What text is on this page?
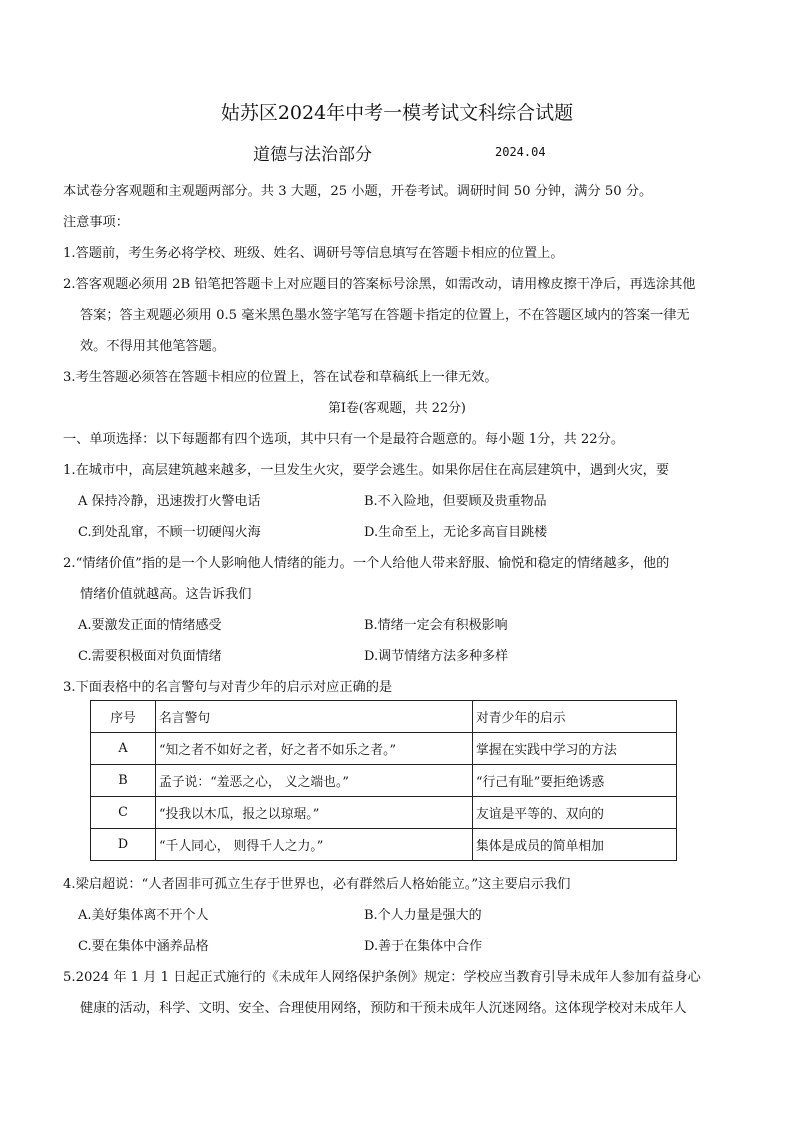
姑苏区2024年中考一模考试文科综合试题
道德与法治部分	2024.04
本试卷分客观题和主观题两部分。共 3 大题，25 小题，开卷考试。调研时间 50 分钟，满分 50 分。
注意事项：
1.答题前，考生务必将学校、班级、姓名、调研号等信息填写在答题卡相应的位置上。
2.答客观题必须用 2B 铅笔把答题卡上对应题目的答案标号涂黑，如需改动，请用橡皮擦干净后，再选涂其他
答案；答主观题必须用 0.5 毫米黑色墨水签字笔写在答题卡指定的位置上，不在答题区域内的答案一律无
效。不得用其他笔答题。
3.考生答题必须答在答题卡相应的位置上，答在试卷和草稿纸上一律无效。
第Ⅰ卷(客观题，共 22分)
一、单项选择：以下每题都有四个选项，其中只有一个是最符合题意的。每小题 1分，共 22分。
1.在城市中，高层建筑越来越多，一旦发生火灾，要学会逃生。如果你居住在高层建筑中，遇到火灾，要
A 保持冷静，迅速拨打火警电话	B.不入险地，但要顾及贵重物品
C.到处乱窜，不顾一切硬闯火海	D.生命至上，无论多高盲目跳楼
2.“情绪价值”指的是一个人影响他人情绪的能力。一个人给他人带来舒服、愉悦和稳定的情绪越多，他的
情绪价值就越高。这告诉我们
A.要激发正面的情绪感受	B.情绪一定会有积极影响
C.需要积极面对负面情绪	D.调节情绪方法多种多样
3.下面表格中的名言警句与对青少年的启示对应正确的是
序号	名言警句	对青少年的启示
A	“知之者不如好之者，好之者不如乐之者。”	掌握在实践中学习的方法
B	孟子说：“羞恶之心， 义之端也。”	“行己有耻”要拒绝诱惑
C	“投我以木瓜，报之以琼琚。”	友谊是平等的、双向的
D	“千人同心， 则得千人之力。”	集体是成员的简单相加
4.梁启超说：“人者固非可孤立生存于世界也，必有群然后人格始能立。”这主要启示我们
A.美好集体离不开个人	B.个人力量是强大的
C.要在集体中涵养品格	D.善于在集体中合作
5.2024 年 1 月 1 日起正式施行的《未成年人网络保护条例》规定：学校应当教育引导未成年人参加有益身心
健康的活动，科学、文明、安全、合理使用网络，预防和干预未成年人沉迷网络。这体现学校对未成年人
